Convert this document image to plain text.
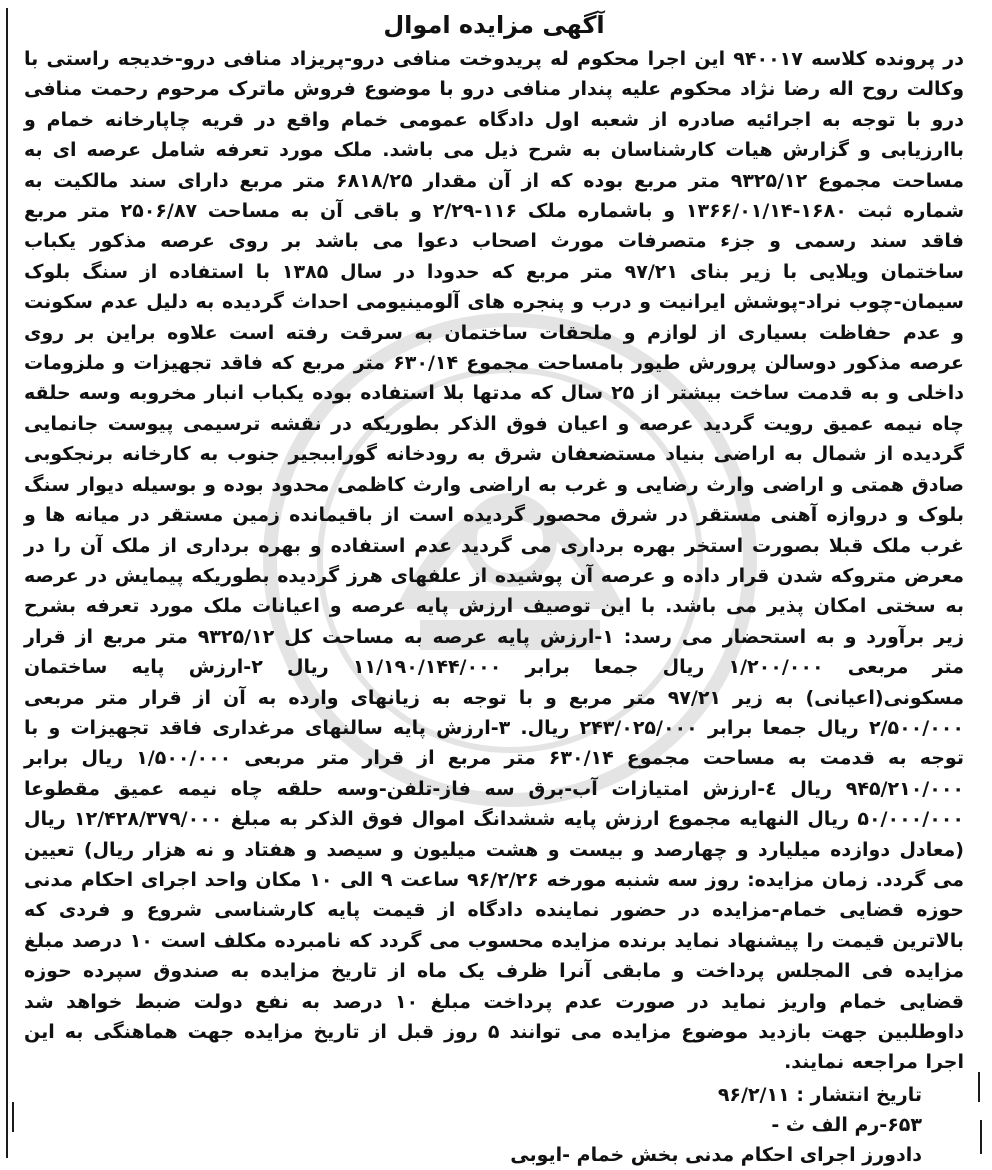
آگهی مزایده اموال

در پرونده کلاسه ۹۴۰۰۱۷ این اجرا محکوم له پریدوخت منافی درو-پریزاد منافی درو-خدیجه راستی با وکالت روح اله رضا نژاد محکوم علیه پندار منافی درو با موضوع فروش ماترک مرحوم رحمت منافی درو با توجه به اجرائیه صادره از شعبه اول دادگاه عمومی خمام واقع در قریه چاپارخانه خمام و باارزیابی و گزارش هیات کارشناسان به شرح ذیل می باشد. ملک مورد تعرفه شامل عرصه ای به مساحت مجموع ۹۳۲۵/۱۲ متر مربع بوده که از آن مقدار ۶۸۱۸/۲۵ متر مربع دارای سند مالکیت به شماره ثبت ۱۶۸۰-۱۳۶۶/۰۱/۱۴ و باشماره ملک ۱۱۶-۲/۲۹ و باقی آن به مساحت ۲۵۰۶/۸۷ متر مربع فاقد سند رسمی و جزء متصرفات مورث اصحاب دعوا می باشد بر روی عرصه مذکور یکباب ساختمان ویلایی با زیر بنای ۹۷/۲۱ متر مربع که حدودا در سال ۱۳۸۵ با استفاده از سنگ بلوک سیمان-چوب نراد-پوشش ایرانیت و درب و پنجره های آلومینیومی احداث گردیده به دلیل عدم سکونت و عدم حفاظت بسیاری از لوازم و ملحقات ساختمان به سرقت رفته است علاوه براین بر روی عرصه مذکور دوسالن پرورش طیور بامساحت مجموع ۶۳۰/۱۴ متر مربع که فاقد تجهیزات و ملزومات داخلی و به قدمت ساخت بیشتر از ۲۵ سال که مدتها بلا استفاده بوده یکباب انبار مخروبه وسه حلقه چاه نیمه عمیق رویت گردید عرصه و اعیان فوق الذکر بطوریکه در نقشه ترسیمی پیوست جانمایی گردیده از شمال به اراضی بنیاد مستضعفان شرق به رودخانه گوراببجیر جنوب به کارخانه برنجکوبی صادق همتی و اراضی وارث رضایی و غرب به اراضی وارث کاظمی محدود بوده و بوسیله دیوار سنگ بلوک و دروازه آهنی مستقر در شرق محصور گردیده است از باقیمانده زمین مستقر در میانه ها و غرب ملک قبلا بصورت استخر بهره برداری می گردید عدم استفاده و بهره برداری از ملک آن را در معرض متروکه شدن قرار داده و عرصه آن پوشیده از علفهای هرز گردیده بطوریکه پیمایش در عرصه به سختی امکان پذیر می باشد. با این توصیف ارزش پایه عرصه و اعیانات ملک مورد تعرفه بشرح زیر برآورد و به استحضار می رسد: ۱-ارزش پایه عرصه به مساحت کل ۹۳۲۵/۱۲ متر مربع از قرار متر مربعی ۱/۲۰۰/۰۰۰ ریال جمعا برابر ۱۱/۱۹۰/۱۴۴/۰۰۰ ریال ۲-ارزش پایه ساختمان مسکونی(اعیانی) به زیر ۹۷/۲۱ متر مربع و با توجه به زیانهای وارده به آن از قرار متر مربعی ۲/۵۰۰/۰۰۰ ریال جمعا برابر ۲۴۳/۰۲۵/۰۰۰ ریال. ۳-ارزش پایه سالنهای مرغداری فاقد تجهیزات و با توجه به قدمت به مساحت مجموع ۶۳۰/۱۴ متر مربع از قرار متر مربعی ۱/۵۰۰/۰۰۰ ریال برابر ۹۴۵/۲۱۰/۰۰۰ ریال ٤-ارزش امتیازات آب-برق سه فاز-تلفن-وسه حلقه چاه نیمه عمیق مقطوعا ۵۰/۰۰۰/۰۰۰ ریال النهایه مجموع ارزش پایه ششدانگ اموال فوق الذکر به مبلغ ۱۲/۴۲۸/۳۷۹/۰۰۰ ریال (معادل دوازده میلیارد و چهارصد و بیست و هشت میلیون و سیصد و هفتاد و نه هزار ریال) تعیین می گردد. زمان مزایده: روز سه شنبه مورخه ۹۶/۲/۲۶ ساعت ۹ الی ۱۰ مکان واحد اجرای احکام مدنی حوزه قضایی خمام-مزایده در حضور نماینده دادگاه از قیمت پایه کارشناسی شروع و فردی که بالاترین قیمت را پیشنهاد نماید برنده مزایده محسوب می گردد که نامبرده مکلف است ۱۰ درصد مبلغ مزایده فی المجلس پرداخت و مابقی آنرا ظرف یک ماه از تاریخ مزایده به صندوق سپرده حوزه قضایی خمام واریز نماید در صورت عدم پرداخت مبلغ ۱۰ درصد به نفع دولت ضبط خواهد شد داوطلبین جهت بازدید موضوع مزایده می توانند ۵ روز قبل از تاریخ مزایده جهت هماهنگی به این اجرا مراجعه نمایند.

تاریخ انتشار : ۹۶/۲/۱۱
۶۵۳-رم الف ث -
دادورز اجرای احکام مدنی بخش خمام -ایوبی
